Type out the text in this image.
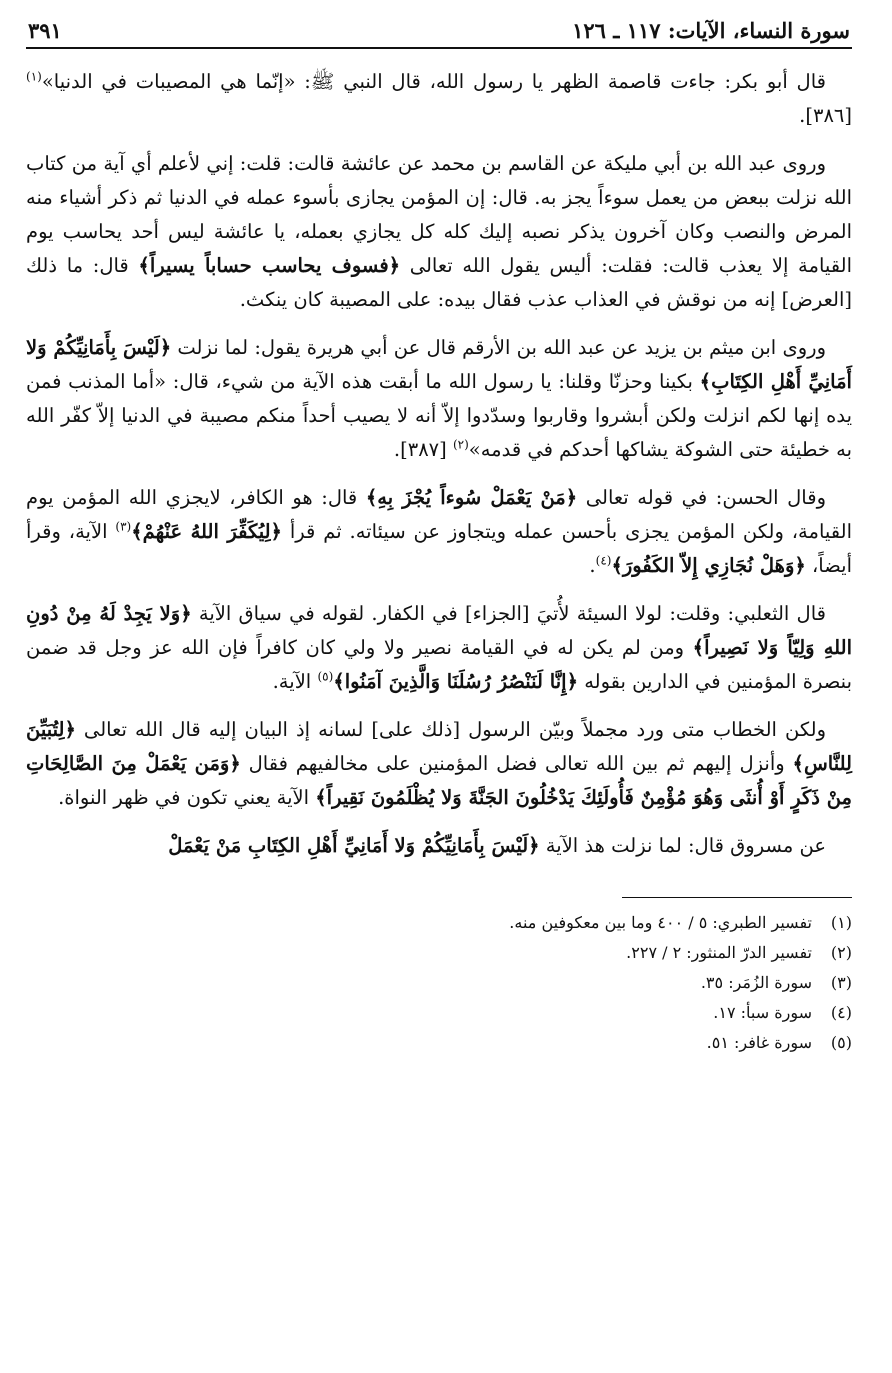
سورة النساء، الآيات: ١١٧ ـ ١٢٦
٣٩١

قال أبو بكر: جاءت قاصمة الظهر يا رسول الله، قال النبي ﷺ: «إنّما هي المصيبات في الدنيا»$^{(١)}$ [٣٨٦].

وروى عبد الله بن أبي مليكة عن القاسم بن محمد عن عائشة قالت: قلت: إني لأعلم أي آية من كتاب الله نزلت ببعض من يعمل سوءاً يجز به. قال: إن المؤمن يجازى بأسوء عمله في الدنيا ثم ذكر أشياء منه المرض والنصب وكان آخرون يذكر نصبه إليك كله كل يجازي بعمله، يا عائشة ليس أحد يحاسب يوم القيامة إلا يعذب قالت: فقلت: أليس يقول الله تعالى ﴿فسوف يحاسب حساباً يسيراً﴾ قال: ما ذلك [العرض] إنه من نوقش في العذاب عذب فقال بيده: على المصيبة كان ينكث.

وروى ابن ميثم بن يزيد عن عبد الله بن الأرقم قال عن أبي هريرة يقول: لما نزلت ﴿لَيْسَ بِأَمَانِيِّكُمْ وَلا أَمَانِيِّ أَهْلِ الكِتَابِ﴾ بكينا وحزنّا وقلنا: يا رسول الله ما أبقت هذه الآية من شيء، قال: «أما المذنب فمن يده إنها لكم انزلت ولكن أبشروا وقاربوا وسدّدوا إلاّ أنه لا يصيب أحداً منكم مصيبة في الدنيا إلاّ كفّر الله به خطيئة حتى الشوكة يشاكها أحدكم في قدمه»$^{(٢)}$ [٣٨٧].

وقال الحسن: في قوله تعالى ﴿مَنْ يَعْمَلْ سُوءاً يُجْزَ بِهِ﴾ قال: هو الكافر، لايجزي الله المؤمن يوم القيامة، ولكن المؤمن يجزى بأحسن عمله ويتجاوز عن سيئاته. ثم قرأ ﴿لِيُكَفِّرَ اللهُ عَنْهُمْ﴾$^{(٣)}$ الآية، وقرأ أيضاً، ﴿وَهَلْ نُجَازِي إِلاّ الكَفُورَ﴾$^{(٤)}$.

قال الثعلبي: وقلت: لولا السيئة لأُتيَ [الجزاء] في الكفار. لقوله في سياق الآية ﴿وَلا يَجِدْ لَهُ مِنْ دُونِ اللهِ وَلِيّاً وَلا نَصِيراً﴾ ومن لم يكن له في القيامة نصير ولا ولي كان كافراً فإن الله عز وجل قد ضمن بنصرة المؤمنين في الدارين بقوله ﴿إِنَّا لَنَنْصُرُ رُسُلَنَا وَالَّذِينَ آمَنُوا﴾$^{(٥)}$ الآية.

ولكن الخطاب متى ورد مجملاً وبيّن الرسول [ذلك على] لسانه إذ البيان إليه قال الله تعالى ﴿لِتُبَيِّنَ لِلنَّاسِ﴾ وأنزل إليهم ثم بين الله تعالى فضل المؤمنين على مخالفيهم فقال ﴿وَمَن يَعْمَلْ مِنَ الصَّالِحَاتِ مِنْ ذَكَرٍ أَوْ أُنثَى وَهُوَ مُؤْمِنٌ فَأُولَئِكَ يَدْخُلُونَ الجَنَّةَ وَلا يُظْلَمُونَ نَقِيراً﴾ الآية يعني تكون في ظهر النواة.

عن مسروق قال: لما نزلت هذ الآية ﴿لَيْسَ بِأَمَانِيِّكُمْ وَلا أَمَانِيِّ أَهْلِ الكِتَابِ مَنْ يَعْمَلْ

(١)
تفسير الطبري: ٥ / ٤٠٠ وما بين معكوفين منه.
(٢)
تفسير الدرّ المنثور: ٢ / ٢٢٧.
(٣)
سورة الزُمَر: ٣٥.
(٤)
سورة سبأ: ١٧.
(٥)
سورة غافر: ٥١.
